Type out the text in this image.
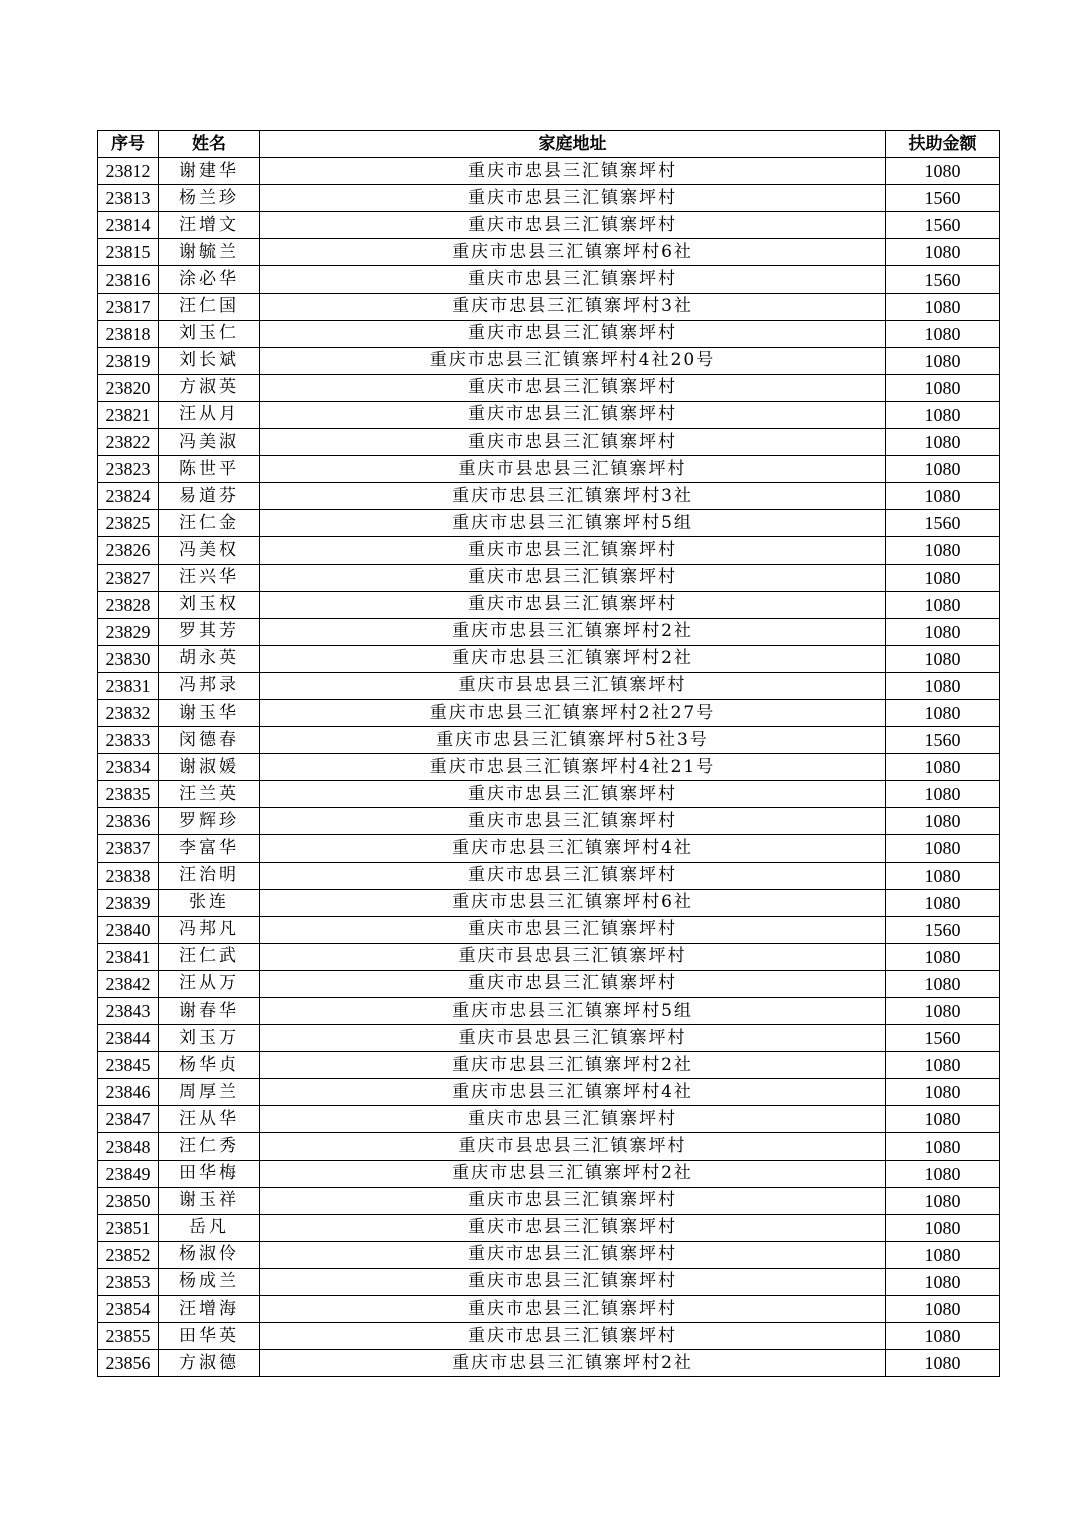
序号	姓名	家庭地址	扶助金额
23812	谢建华	重庆市忠县三汇镇寨坪村	1080
23813	杨兰珍	重庆市忠县三汇镇寨坪村	1560
23814	汪增文	重庆市忠县三汇镇寨坪村	1560
23815	谢毓兰	重庆市忠县三汇镇寨坪村6社	1080
23816	涂必华	重庆市忠县三汇镇寨坪村	1560
23817	汪仁国	重庆市忠县三汇镇寨坪村3社	1080
23818	刘玉仁	重庆市忠县三汇镇寨坪村	1080
23819	刘长斌	重庆市忠县三汇镇寨坪村4社20号	1080
23820	方淑英	重庆市忠县三汇镇寨坪村	1080
23821	汪从月	重庆市忠县三汇镇寨坪村	1080
23822	冯美淑	重庆市忠县三汇镇寨坪村	1080
23823	陈世平	重庆市县忠县三汇镇寨坪村	1080
23824	易道芬	重庆市忠县三汇镇寨坪村3社	1080
23825	汪仁金	重庆市忠县三汇镇寨坪村5组	1560
23826	冯美权	重庆市忠县三汇镇寨坪村	1080
23827	汪兴华	重庆市忠县三汇镇寨坪村	1080
23828	刘玉权	重庆市忠县三汇镇寨坪村	1080
23829	罗其芳	重庆市忠县三汇镇寨坪村2社	1080
23830	胡永英	重庆市忠县三汇镇寨坪村2社	1080
23831	冯邦录	重庆市县忠县三汇镇寨坪村	1080
23832	谢玉华	重庆市忠县三汇镇寨坪村2社27号	1080
23833	闵德春	重庆市忠县三汇镇寨坪村5社3号	1560
23834	谢淑媛	重庆市忠县三汇镇寨坪村4社21号	1080
23835	汪兰英	重庆市忠县三汇镇寨坪村	1080
23836	罗辉珍	重庆市忠县三汇镇寨坪村	1080
23837	李富华	重庆市忠县三汇镇寨坪村4社	1080
23838	汪治明	重庆市忠县三汇镇寨坪村	1080
23839	张连	重庆市忠县三汇镇寨坪村6社	1080
23840	冯邦凡	重庆市忠县三汇镇寨坪村	1560
23841	汪仁武	重庆市县忠县三汇镇寨坪村	1080
23842	汪从万	重庆市忠县三汇镇寨坪村	1080
23843	谢春华	重庆市忠县三汇镇寨坪村5组	1080
23844	刘玉万	重庆市县忠县三汇镇寨坪村	1560
23845	杨华贞	重庆市忠县三汇镇寨坪村2社	1080
23846	周厚兰	重庆市忠县三汇镇寨坪村4社	1080
23847	汪从华	重庆市忠县三汇镇寨坪村	1080
23848	汪仁秀	重庆市县忠县三汇镇寨坪村	1080
23849	田华梅	重庆市忠县三汇镇寨坪村2社	1080
23850	谢玉祥	重庆市忠县三汇镇寨坪村	1080
23851	岳凡	重庆市忠县三汇镇寨坪村	1080
23852	杨淑伶	重庆市忠县三汇镇寨坪村	1080
23853	杨成兰	重庆市忠县三汇镇寨坪村	1080
23854	汪增海	重庆市忠县三汇镇寨坪村	1080
23855	田华英	重庆市忠县三汇镇寨坪村	1080
23856	方淑德	重庆市忠县三汇镇寨坪村2社	1080
